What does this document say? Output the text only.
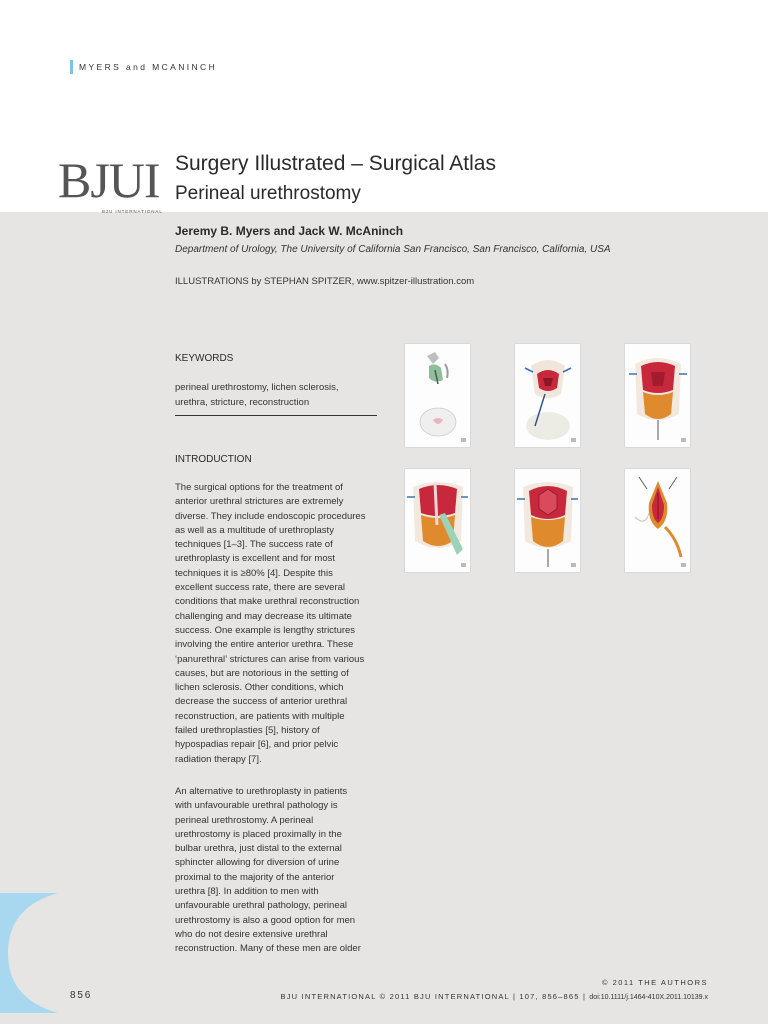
MYERS and MCANINCH
BJUI
BJU INTERNATIONAL
Surgery Illustrated – Surgical Atlas
Perineal urethrostomy
Jeremy B. Myers and Jack W. McAninch
Department of Urology, The University of California San Francisco, San Francisco, California, USA
ILLUSTRATIONS by STEPHAN SPITZER, www.spitzer-illustration.com
KEYWORDS
perineal urethrostomy, lichen sclerosis,
urethra, stricture, reconstruction
INTRODUCTION

The surgical options for the treatment of

anterior urethral strictures are extremely

diverse. They include endoscopic procedures

as well as a multitude of urethroplasty

techniques [1–3]. The success rate of

urethroplasty is excellent and for most

techniques it is ≥80% [4]. Despite this

excellent success rate, there are several

conditions that make urethral reconstruction

challenging and may decrease its ultimate

success. One example is lengthy strictures

involving the entire anterior urethra. These

‘panurethral’ strictures can arise from various

causes, but are notorious in the setting of

lichen sclerosis. Other conditions, which

decrease the success of anterior urethral

reconstruction, are patients with multiple

failed urethroplasties [5], history of

hypospadias repair [6], and prior pelvic

radiation therapy [7].

An alternative to urethroplasty in patients

with unfavourable urethral pathology is

perineal urethrostomy. A perineal

urethrostomy is placed proximally in the

bulbar urethra, just distal to the external

sphincter allowing for diversion of urine

proximal to the majority of the anterior

urethra [8]. In addition to men with

unfavourable urethral pathology, perineal

urethrostomy is also a good option for men

who do not desire extensive urethral

reconstruction. Many of these men are older

© 2011 THE AUTHORS
856	BJU INTERNATIONAL © 2011 BJU INTERNATIONAL | 107, 856–865 | doi:10.1111/j.1464-410X.2011.10139.x
